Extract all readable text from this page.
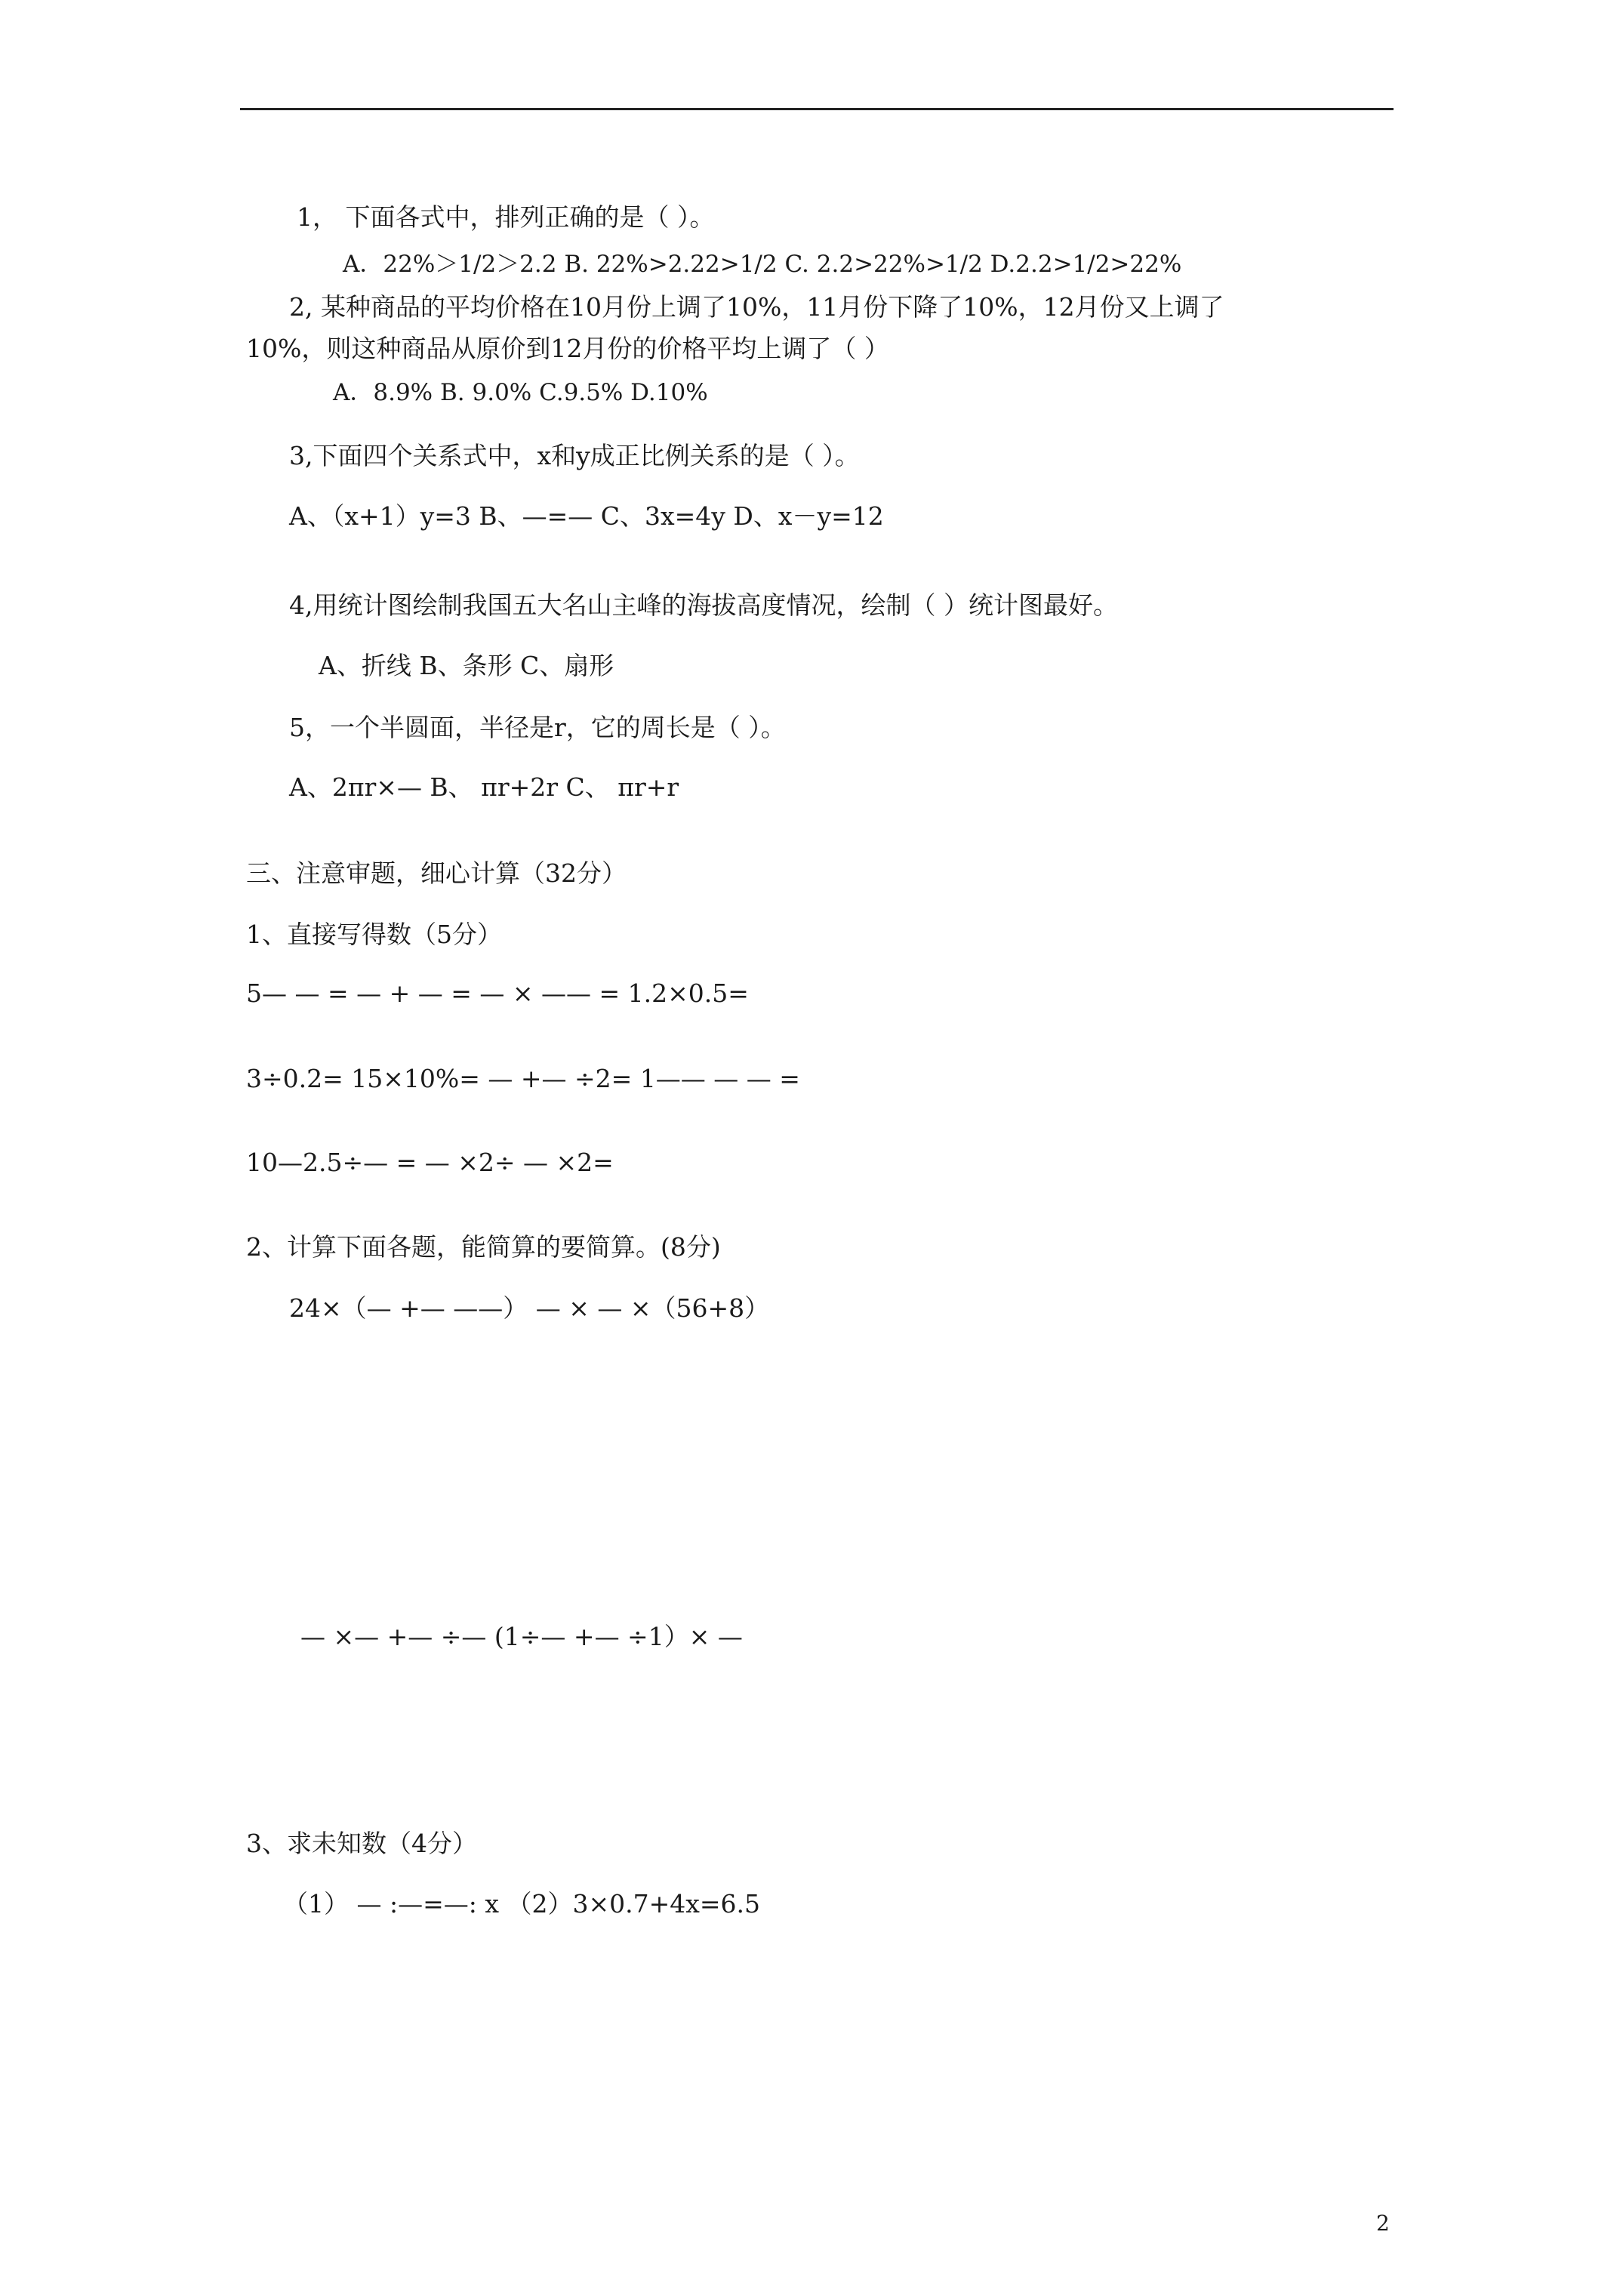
1， 下面各式中，排列正确的是（ ）。
A．22%＞1/2＞2.2 B. 22%>2.22>1/2 C. 2.2>22%>1/2 D.2.2>1/2>22%
2, 某种商品的平均价格在10月份上调了10%，11月份下降了10%，12月份又上调了
10%，则这种商品从原价到12月份的价格平均上调了（ ）
A．8.9% B. 9.0% C.9.5% D.10%
3,下面四个关系式中，x和y成正比例关系的是（ ）。
A、（x+1）y=3 B、—=— C、3x=4y D、x－y=12
4,用统计图绘制我国五大名山主峰的海拔高度情况，绘制（ ）统计图最好。
A、折线 B、条形 C、扇形
5，一个半圆面，半径是r，它的周长是（ ）。
A、2πr×— B、 πr+2r C、 πr+r
三、注意审题，细心计算（32分）
1、直接写得数（5分）
5— — = — + — = — × —— = 1.2×0.5=
3÷0.2= 15×10%= — +— ÷2= 1—— — — =
10—2.5÷— = — ×2÷ — ×2=
2、计算下面各题，能简算的要简算。(8分)
24×（— +— ——） — × — ×（56+8）
— ×— +— ÷— (1÷— +— ÷1）× —
3、求未知数（4分）
（1） — :—=—: x （2）3×0.7+4x=6.5
2
